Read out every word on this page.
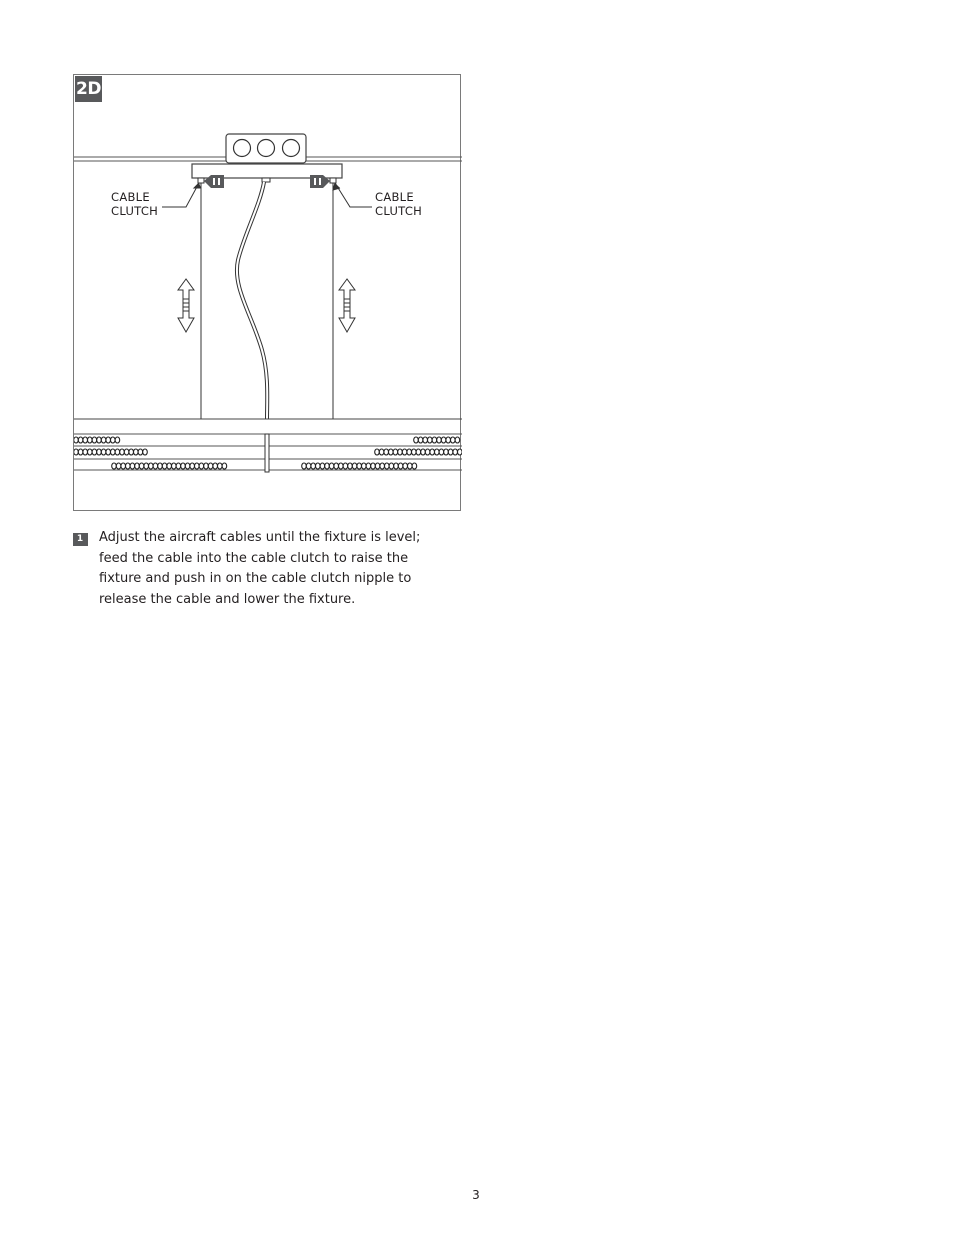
2D
CABLE
CLUTCH
CABLE
CLUTCH
1 1
Adjust the aircraft cables until the fixture is level; feed the cable into the cable clutch to raise the fixture and push in on the cable clutch nipple to release the cable and lower the fixture.
3
